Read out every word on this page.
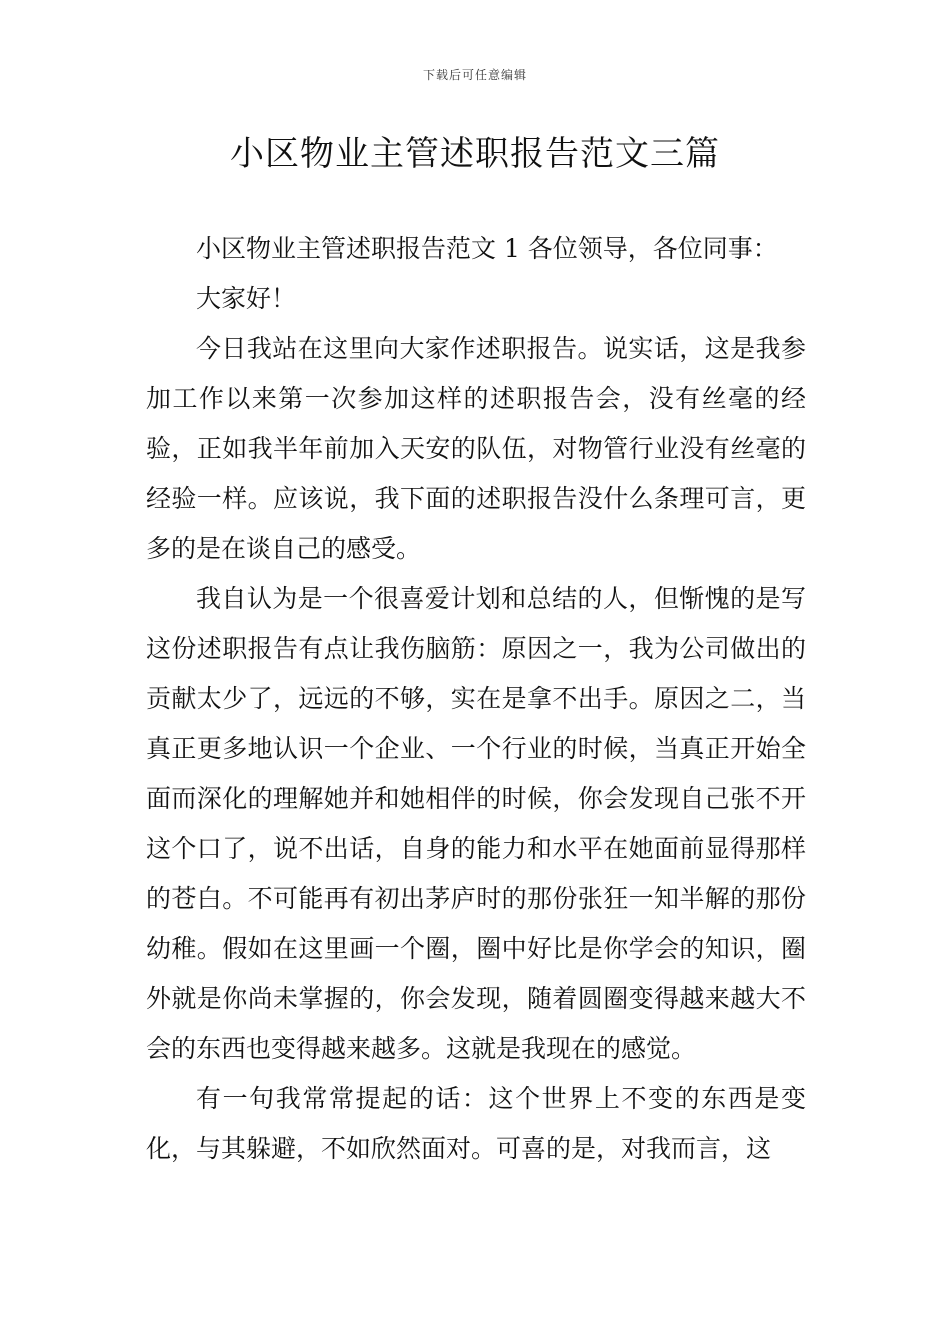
下载后可任意编辑
小区物业主管述职报告范文三篇

小区物业主管述职报告范文 1 各位领导，各位同事：

大家好！

今日我站在这里向大家作述职报告。说实话，这是我参加工作以来第一次参加这样的述职报告会，没有丝毫的经验，正如我半年前加入天安的队伍，对物管行业没有丝毫的经验一样。应该说，我下面的述职报告没什么条理可言，更多的是在谈自己的感受。

我自认为是一个很喜爱计划和总结的人，但惭愧的是写这份述职报告有点让我伤脑筋：原因之一，我为公司做出的贡献太少了，远远的不够，实在是拿不出手。原因之二，当真正更多地认识一个企业、一个行业的时候，当真正开始全面而深化的理解她并和她相伴的时候，你会发现自己张不开这个口了，说不出话，自身的能力和水平在她面前显得那样的苍白。不可能再有初出茅庐时的那份张狂一知半解的那份幼稚。假如在这里画一个圈，圈中好比是你学会的知识，圈外就是你尚未掌握的，你会发现，随着圆圈变得越来越大不会的东西也变得越来越多。这就是我现在的感觉。

有一句我常常提起的话：这个世界上不变的东西是变化，与其躲避，不如欣然面对。可喜的是，对我而言，这
